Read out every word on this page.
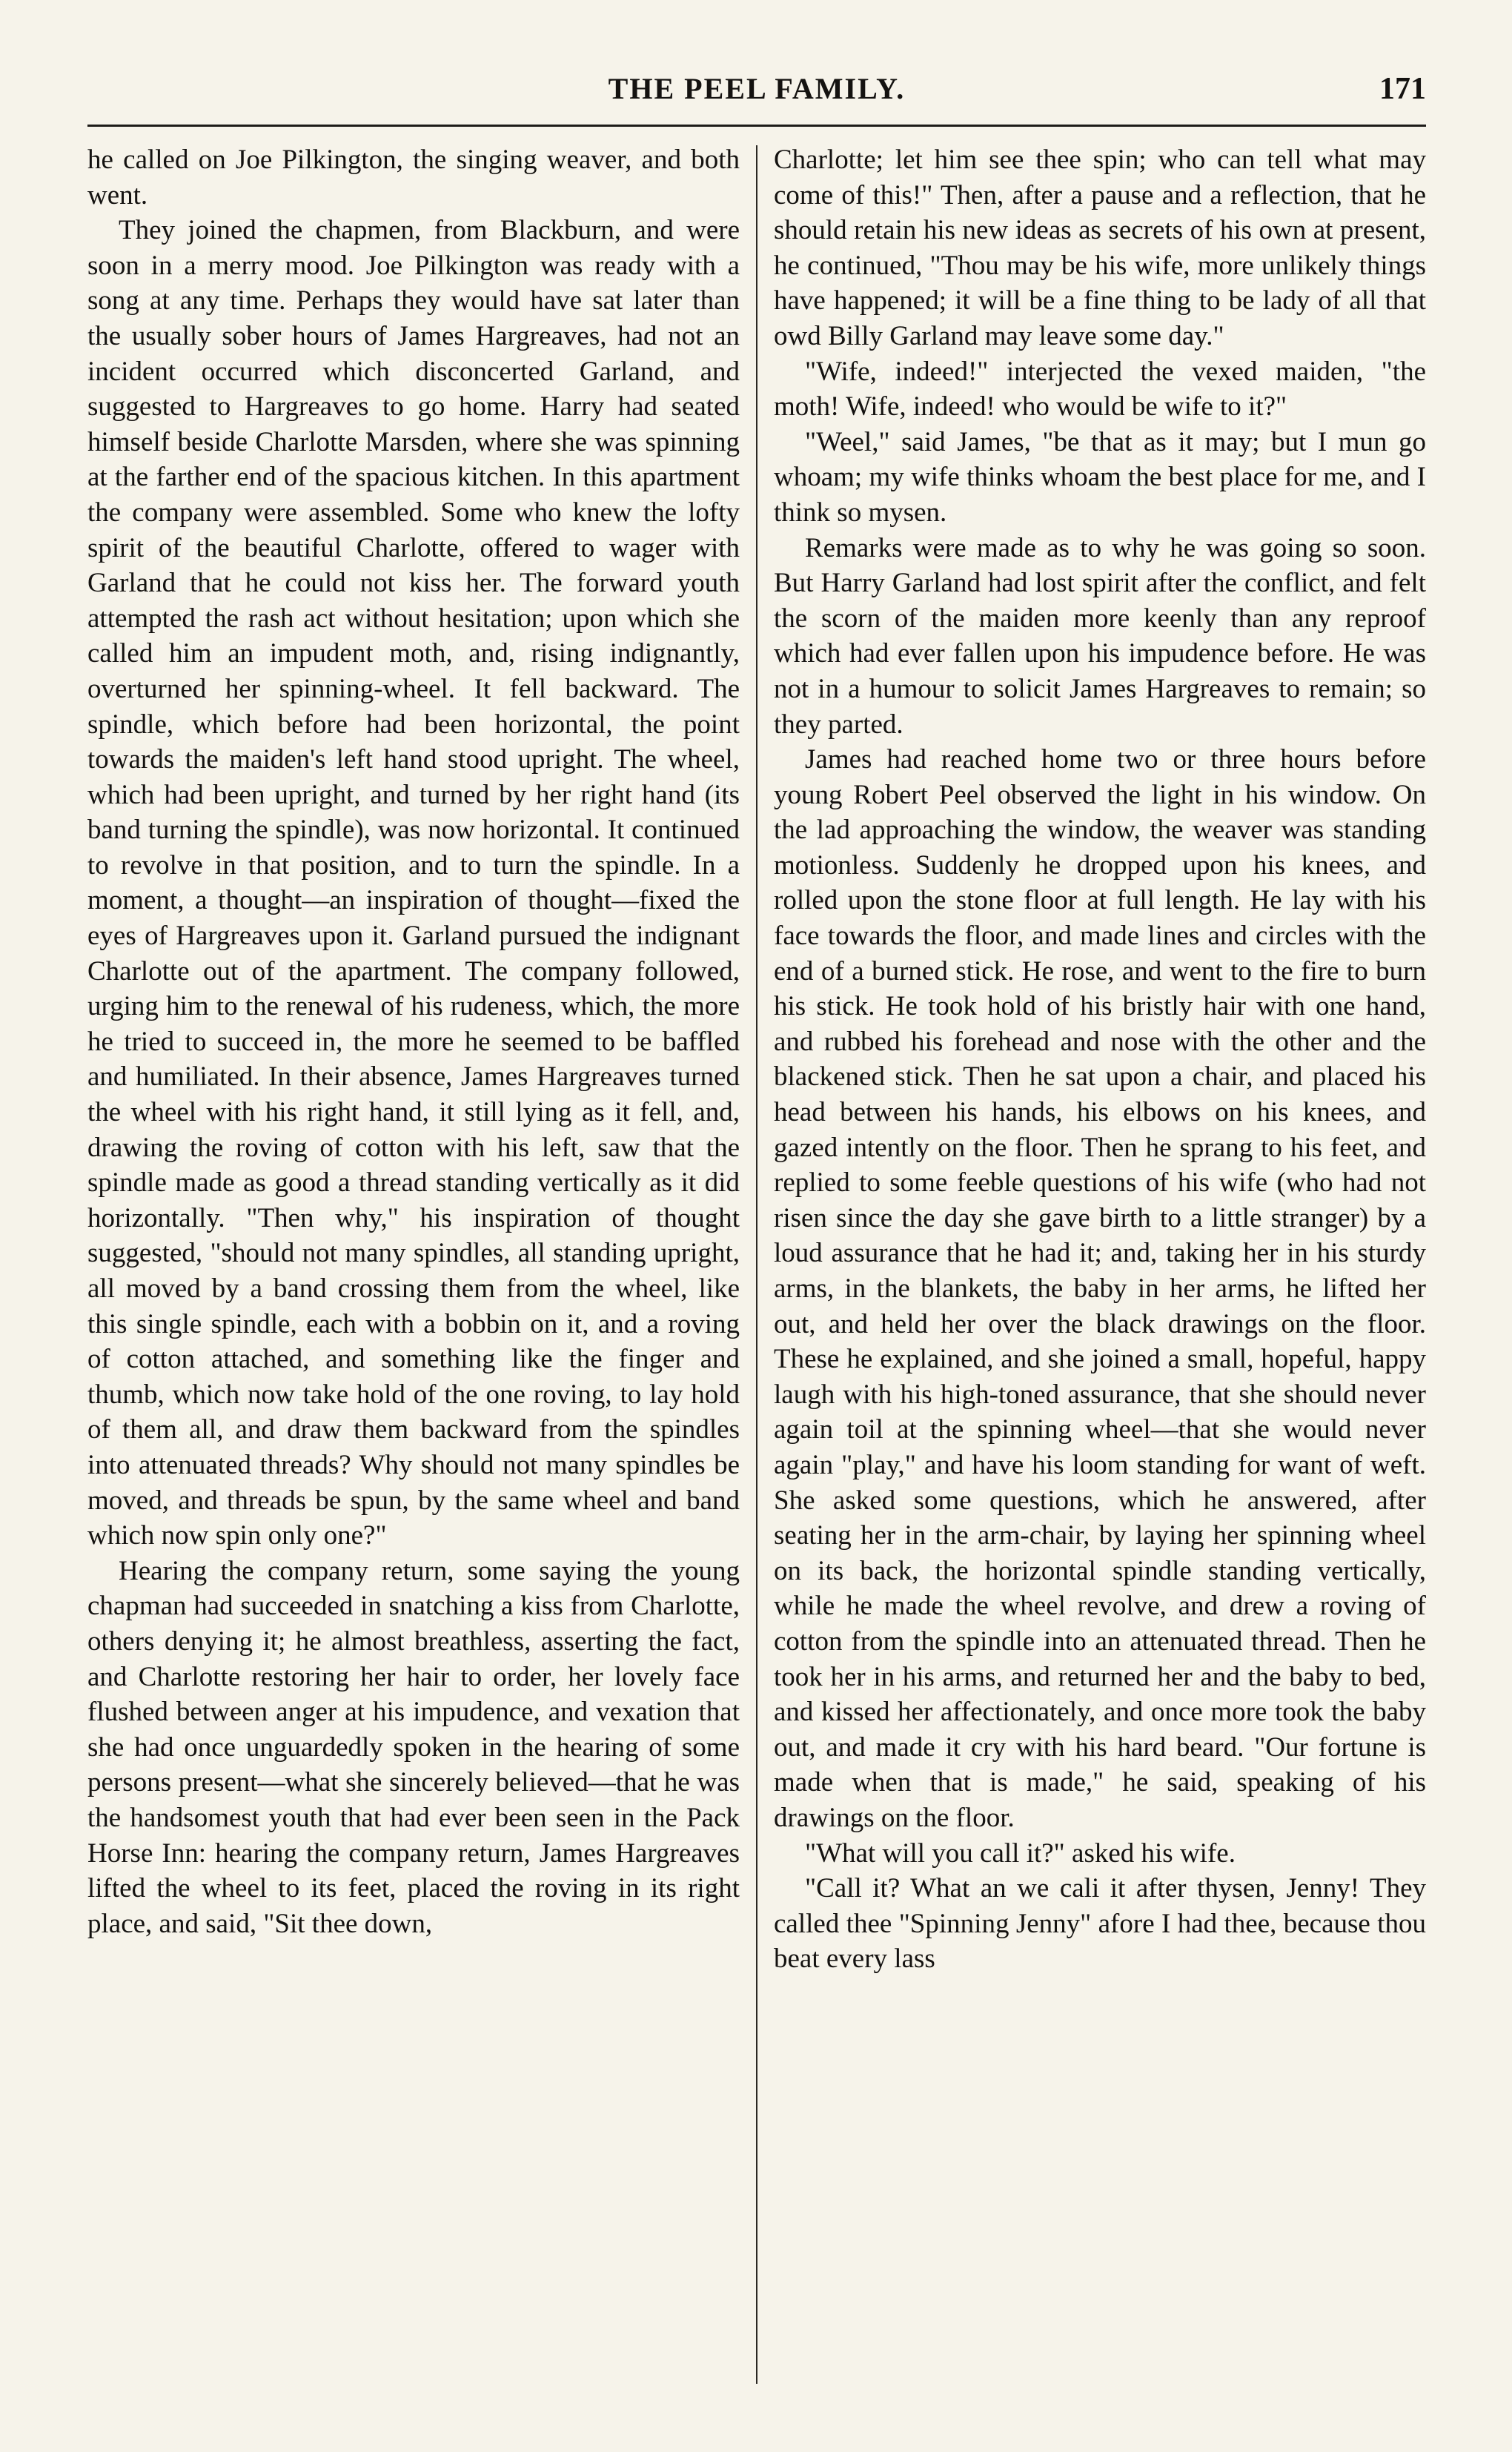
THE PEEL FAMILY.	171

he called on Joe Pilkington, the singing weaver, and both went.

They joined the chapmen, from Blackburn, and were soon in a merry mood. Joe Pilkington was ready with a song at any time. Perhaps they would have sat later than the usually sober hours of James Hargreaves, had not an incident occurred which disconcerted Garland, and suggested to Hargreaves to go home. Harry had seated himself beside Charlotte Marsden, where she was spinning at the farther end of the spacious kitchen. In this apartment the company were assembled. Some who knew the lofty spirit of the beautiful Charlotte, offered to wager with Garland that he could not kiss her. The forward youth attempted the rash act without hesitation; upon which she called him an impudent moth, and, rising indignantly, overturned her spinning-wheel. It fell backward. The spindle, which before had been horizontal, the point towards the maiden's left hand stood upright. The wheel, which had been upright, and turned by her right hand (its band turning the spindle), was now horizontal. It continued to revolve in that position, and to turn the spindle. In a moment, a thought—an inspiration of thought—fixed the eyes of Hargreaves upon it. Garland pursued the indignant Charlotte out of the apartment. The company followed, urging him to the renewal of his rudeness, which, the more he tried to succeed in, the more he seemed to be baffled and humiliated. In their absence, James Hargreaves turned the wheel with his right hand, it still lying as it fell, and, drawing the roving of cotton with his left, saw that the spindle made as good a thread standing vertically as it did horizontally. "Then why," his inspiration of thought suggested, "should not many spindles, all standing upright, all moved by a band crossing them from the wheel, like this single spindle, each with a bobbin on it, and a roving of cotton attached, and something like the finger and thumb, which now take hold of the one roving, to lay hold of them all, and draw them backward from the spindles into attenuated threads? Why should not many spindles be moved, and threads be spun, by the same wheel and band which now spin only one?"

Hearing the company return, some saying the young chapman had succeeded in snatching a kiss from Charlotte, others denying it; he almost breathless, asserting the fact, and Charlotte restoring her hair to order, her lovely face flushed between anger at his impudence, and vexation that she had once unguardedly spoken in the hearing of some persons present—what she sincerely believed—that he was the handsomest youth that had ever been seen in the Pack Horse Inn: hearing the company return, James Hargreaves lifted the wheel to its feet, placed the roving in its right place, and said, "Sit thee down,

Charlotte; let him see thee spin; who can tell what may come of this!" Then, after a pause and a reflection, that he should retain his new ideas as secrets of his own at present, he continued, "Thou may be his wife, more unlikely things have happened; it will be a fine thing to be lady of all that owd Billy Garland may leave some day."

"Wife, indeed!" interjected the vexed maiden, "the moth! Wife, indeed! who would be wife to it?"

"Weel," said James, "be that as it may; but I mun go whoam; my wife thinks whoam the best place for me, and I think so mysen.

Remarks were made as to why he was going so soon. But Harry Garland had lost spirit after the conflict, and felt the scorn of the maiden more keenly than any reproof which had ever fallen upon his impudence before. He was not in a humour to solicit James Hargreaves to remain; so they parted.

James had reached home two or three hours before young Robert Peel observed the light in his window. On the lad approaching the window, the weaver was standing motionless. Suddenly he dropped upon his knees, and rolled upon the stone floor at full length. He lay with his face towards the floor, and made lines and circles with the end of a burned stick. He rose, and went to the fire to burn his stick. He took hold of his bristly hair with one hand, and rubbed his forehead and nose with the other and the blackened stick. Then he sat upon a chair, and placed his head between his hands, his elbows on his knees, and gazed intently on the floor. Then he sprang to his feet, and replied to some feeble questions of his wife (who had not risen since the day she gave birth to a little stranger) by a loud assurance that he had it; and, taking her in his sturdy arms, in the blankets, the baby in her arms, he lifted her out, and held her over the black drawings on the floor. These he explained, and she joined a small, hopeful, happy laugh with his high-toned assurance, that she should never again toil at the spinning wheel—that she would never again "play," and have his loom standing for want of weft. She asked some questions, which he answered, after seating her in the arm-chair, by laying her spinning wheel on its back, the horizontal spindle standing vertically, while he made the wheel revolve, and drew a roving of cotton from the spindle into an attenuated thread. Then he took her in his arms, and returned her and the baby to bed, and kissed her affectionately, and once more took the baby out, and made it cry with his hard beard. "Our fortune is made when that is made," he said, speaking of his drawings on the floor.

"What will you call it?" asked his wife.

"Call it? What an we cali it after thysen, Jenny! They called thee "Spinning Jenny" afore I had thee, because thou beat every lass
